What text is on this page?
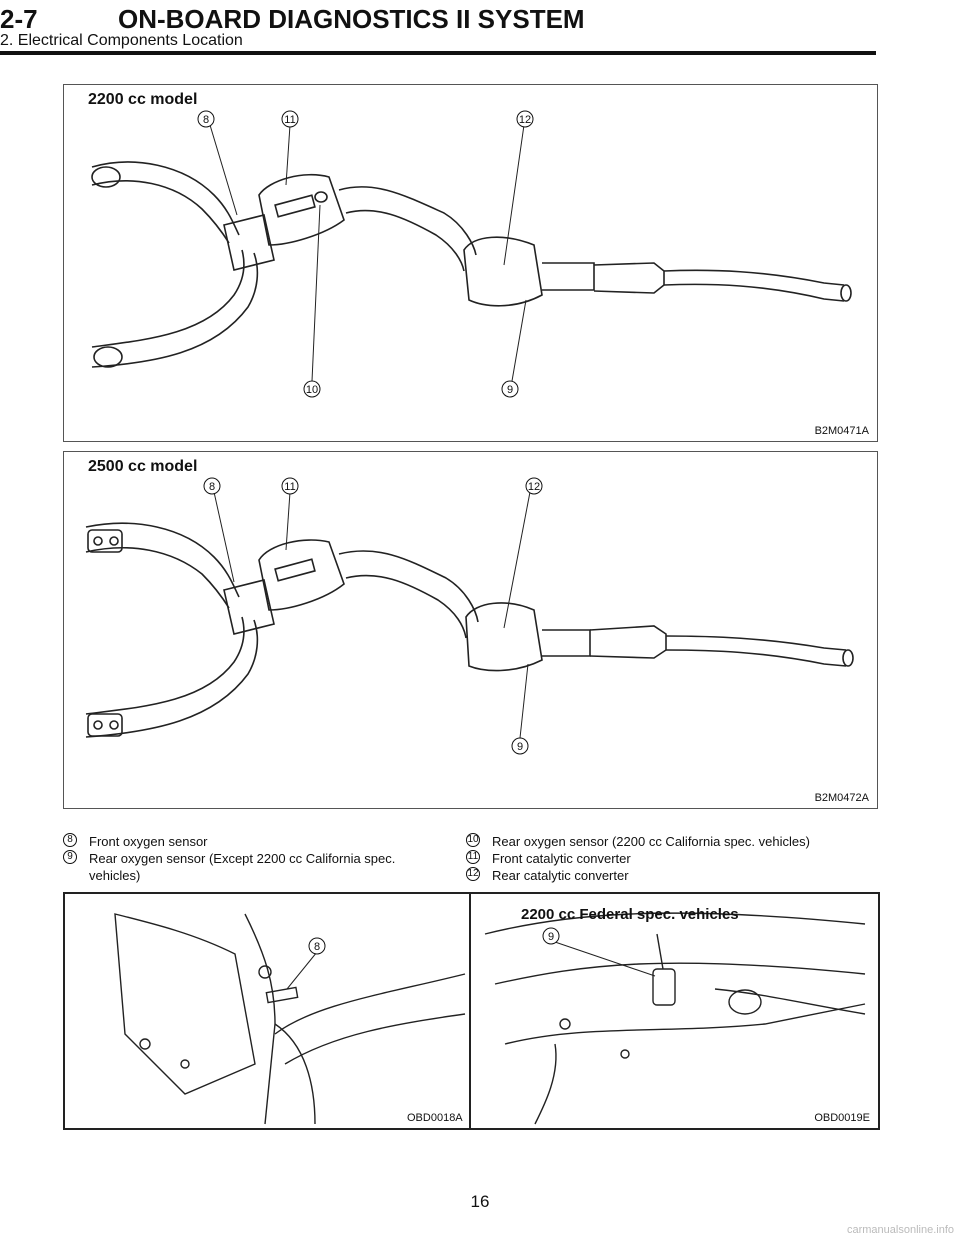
2-7	ON-BOARD DIAGNOSTICS II SYSTEM
2. Electrical Components Location
8	11	12
10	9
2200 cc model
B2M0471A
8	11	12
9
2500 cc model
B2M0472A
8	Front oxygen sensor
9	Rear oxygen sensor (Except 2200 cc California spec. vehicles)
10 Rear oxygen sensor (2200 cc California spec. vehicles)
11 Front catalytic converter
12 Rear catalytic converter
8
9
2200 cc Federal spec. vehicles
OBD0018A	OBD0019E
16
carmanualsonline.info
